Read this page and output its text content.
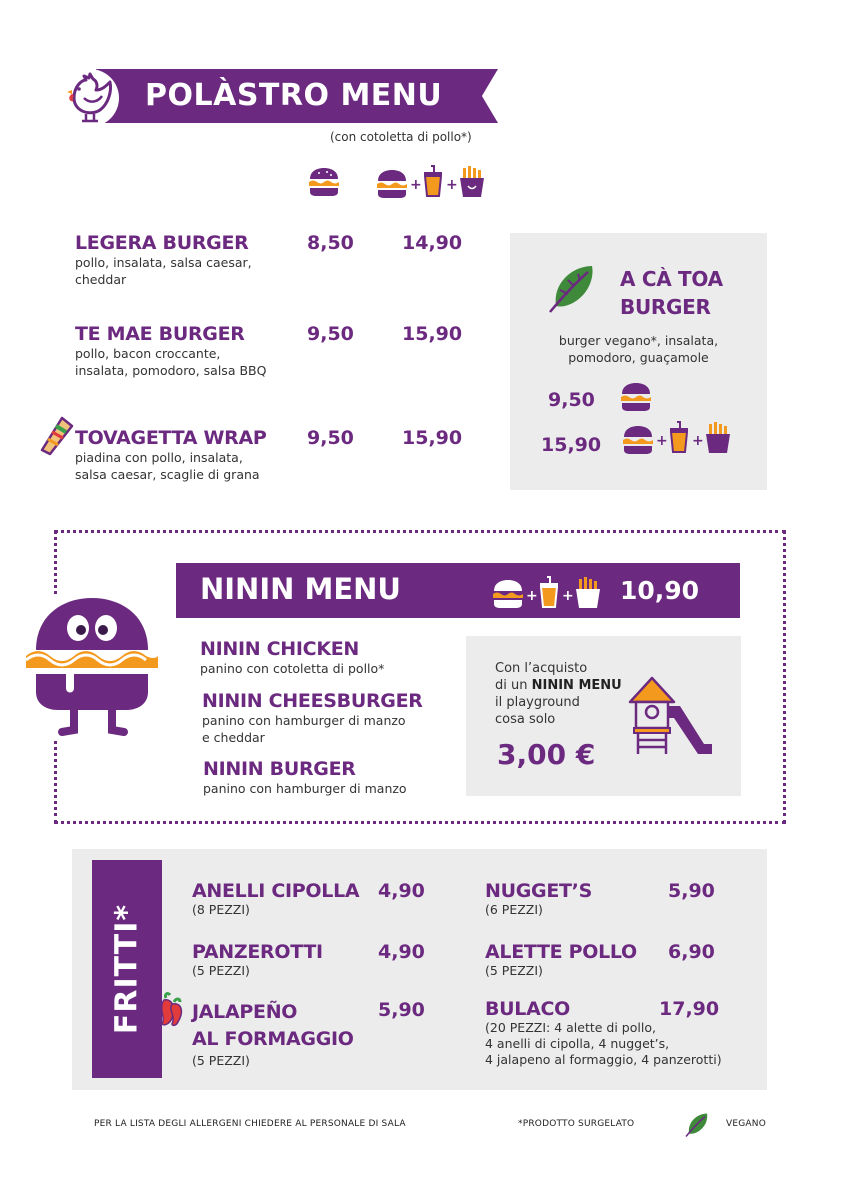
POLÀSTRO MENU
(con cotoletta di pollo*)
+ +
LEGERA BURGER
pollo, insalata, salsa caesar,
cheddar
8,50	14,90
TE MAE BURGER
pollo, bacon croccante,
insalata, pomodoro, salsa BBQ
9,50	15,90
TOVAGETTA WRAP
piadina con pollo, insalata,
salsa caesar, scaglie di grana
9,50	15,90
A CÀ TOA
BURGER
burger vegano*, insalata,
pomodoro, guaçamole
9,50
15,90	+ +
NININ MENU	+ + 10,90
NININ CHICKEN
panino con cotoletta di pollo*
NININ CHEESBURGER
panino con hamburger di manzo
e cheddar
NININ BURGER
panino con hamburger di manzo
Con l’acquisto
di un NININ MENU
il playground
cosa solo
3,00 €
FRITTI*
ANELLI CIPOLLA
(8 PEZZI)
4,90
PANZEROTTI
(5 PEZZI)
4,90
JALAPEÑO
AL FORMAGGIO
(5 PEZZI)
5,90
NUGGET’S
(6 PEZZI)
5,90
ALETTE POLLO
(5 PEZZI)
6,90
BULACO
(20 PEZZI: 4 alette di pollo,
4 anelli di cipolla, 4 nugget’s,
4 jalapeno al formaggio, 4 panzerotti)
17,90
PER LA LISTA DEGLI ALLERGENI CHIEDERE AL PERSONALE DI SALA	*PRODOTTO SURGELATO	VEGANO
